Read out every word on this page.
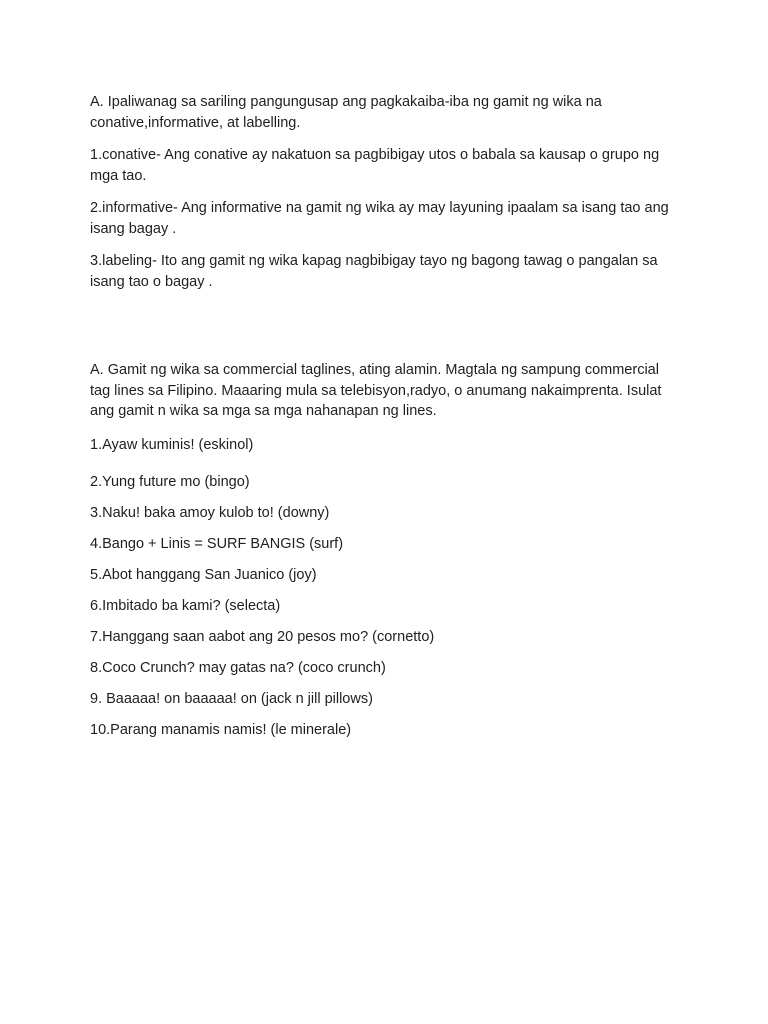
A. Ipaliwanag sa sariling pangungusap ang pagkakaiba-iba ng gamit ng wika na conative,informative, at labelling.

1.conative- Ang conative ay nakatuon sa pagbibigay utos o babala sa kausap o grupo ng mga tao.

2.informative- Ang informative na gamit ng wika ay may layuning ipaalam sa isang tao ang isang bagay .

3.labeling- Ito ang gamit ng wika kapag nagbibigay tayo ng bagong tawag o pangalan sa isang tao o bagay .

A. Gamit ng wika sa commercial taglines, ating alamin. Magtala ng sampung commercial tag lines sa Filipino. Maaaring mula sa telebisyon,radyo, o anumang nakaimprenta. Isulat ang gamit n wika sa mga sa mga nahanapan ng lines.

1.Ayaw kuminis! (eskinol)

2.Yung future mo (bingo)

3.Naku! baka amoy kulob to! (downy)

4.Bango + Linis = SURF BANGIS (surf)

5.Abot hanggang San Juanico (joy)

6.Imbitado ba kami? (selecta)

7.Hanggang saan aabot ang 20 pesos mo? (cornetto)

8.Coco Crunch? may gatas na? (coco crunch)

9. Baaaaa! on baaaaa! on (jack n jill pillows)

10.Parang manamis namis! (le minerale)
